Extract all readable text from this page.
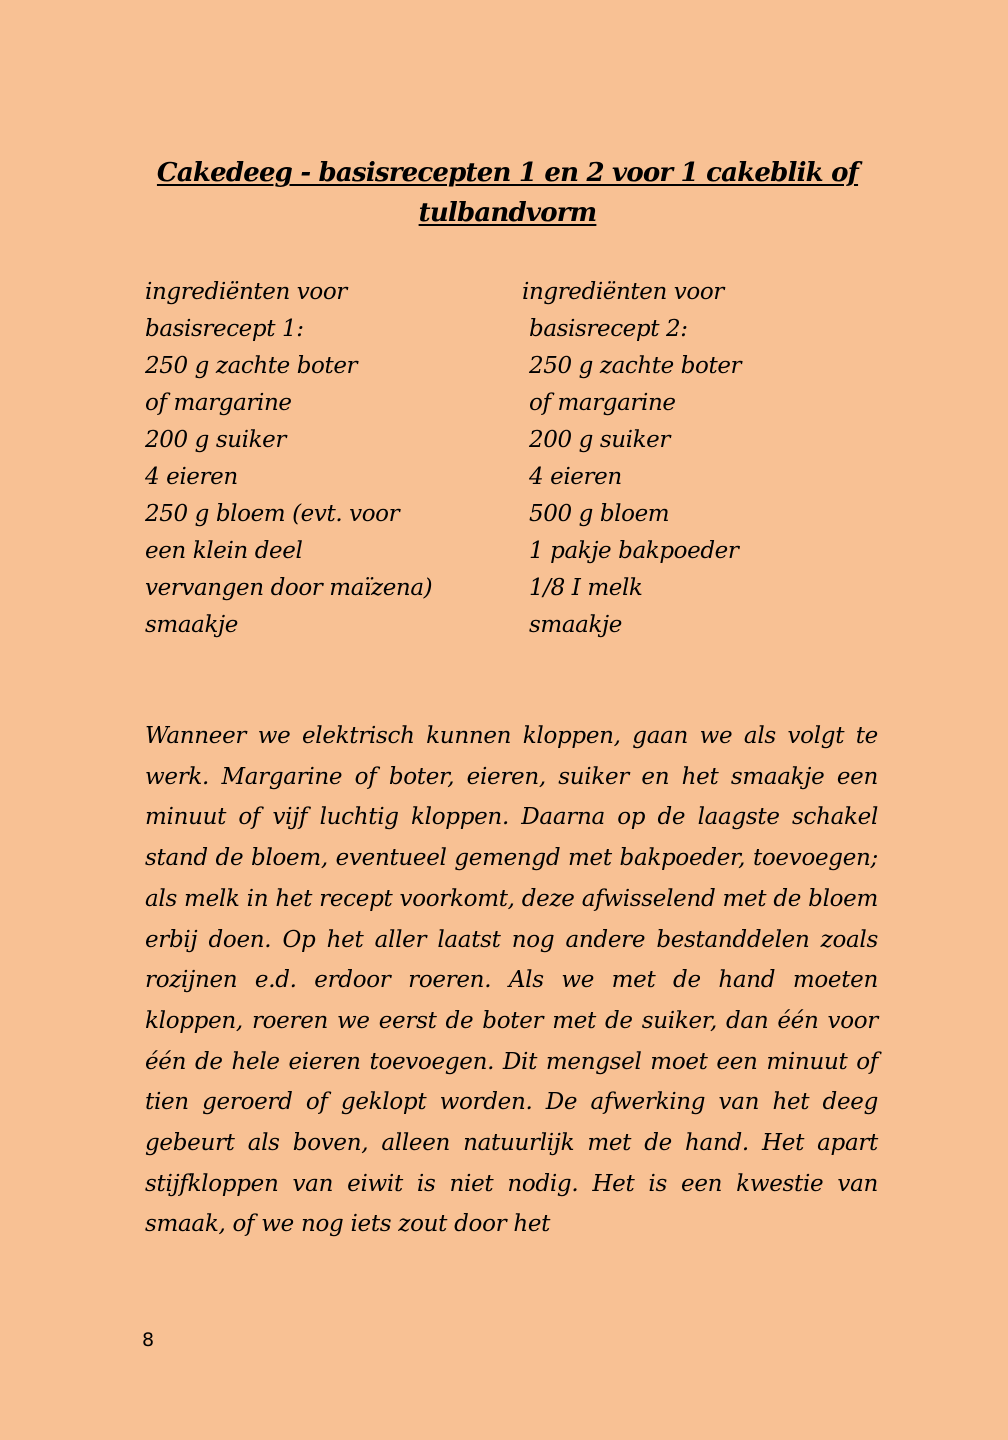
Cakedeeg - basisrecepten 1 en 2 voor 1 cakeblik of tulbandvorm
ingrediënten voor
basisrecept 1:
250 g zachte boter
of margarine
200 g suiker
4 eieren
250 g bloem (evt. voor
een klein deel
vervangen door maïzena)
smaakje
ingrediënten voor
basisrecept 2:
250 g zachte boter
of margarine
200 g suiker
4 eieren
500 g bloem
1 pakje bakpoeder
1/8 I melk
smaakje

Wanneer we elektrisch kunnen kloppen, gaan we als volgt te werk. Margarine of boter, eieren, suiker en het smaakje een minuut of vijf luchtig kloppen. Daarna op de laagste schakel stand de bloem, eventueel gemengd met bakpoeder, toevoegen; als melk in het recept voorkomt, deze afwisselend met de bloem erbij doen. Op het aller laatst nog andere bestanddelen zoals rozijnen e.d. erdoor roeren. Als we met de hand moeten kloppen, roeren we eerst de boter met de suiker, dan één voor één de hele eieren toevoegen. Dit mengsel moet een minuut of tien geroerd of geklopt worden. De afwerking van het deeg gebeurt als boven, alleen natuurlijk met de hand. Het apart stijfkloppen van eiwit is niet nodig. Het is een kwestie van smaak, of we nog iets zout door het

8
